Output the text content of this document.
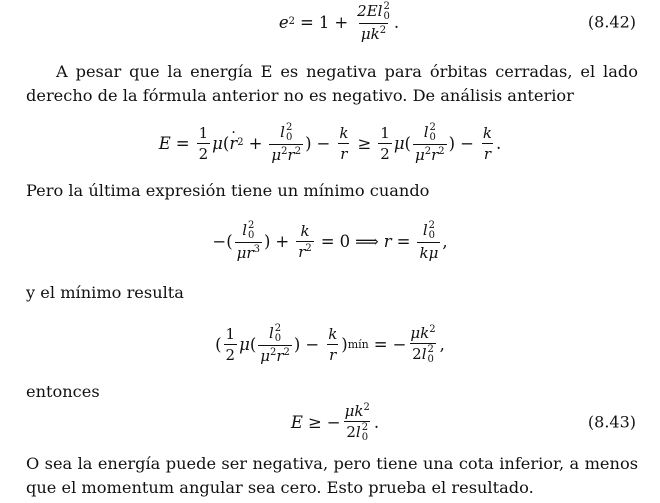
e 2 = 1 + 2El 2
0
$\mu k^2$ .	(8.42)

A pesar que la energía E es negativa para órbitas cerradas, el lado derecho de la fórmula anterior no es negativo. De análisis anterior

$E = \frac{1}{2}$ μ (
· r 2 + l 2
0
$\mu^2r^2$ ) − $\frac{k}{r} \ge \frac{1}{2}$ μ ( l 2
0
$\mu^2r^2$ ) − $\frac{k}{r}$ .

Pero la última expresión tiene un mínimo cuando

−( l 2
0
$\mu r^3$ ) + $\frac{k}{r^2} = 0$ ⟹ r = l 2
0
kμ ,

y el mínimo resulta

( $\frac{1}{2}$ μ ( l 2
0
$\mu^2r^2$ ) − $\frac{k}{r}$ ) mín = − $\mu k^2$
2l 2
0 ,

entonces

E ≥ − $\mu k^2$
2l 2
0 .	(8.43)

O sea la energía puede ser negativa, pero tiene una cota inferior, a menos que el momentum angular sea cero. Esto prueba el resultado.
